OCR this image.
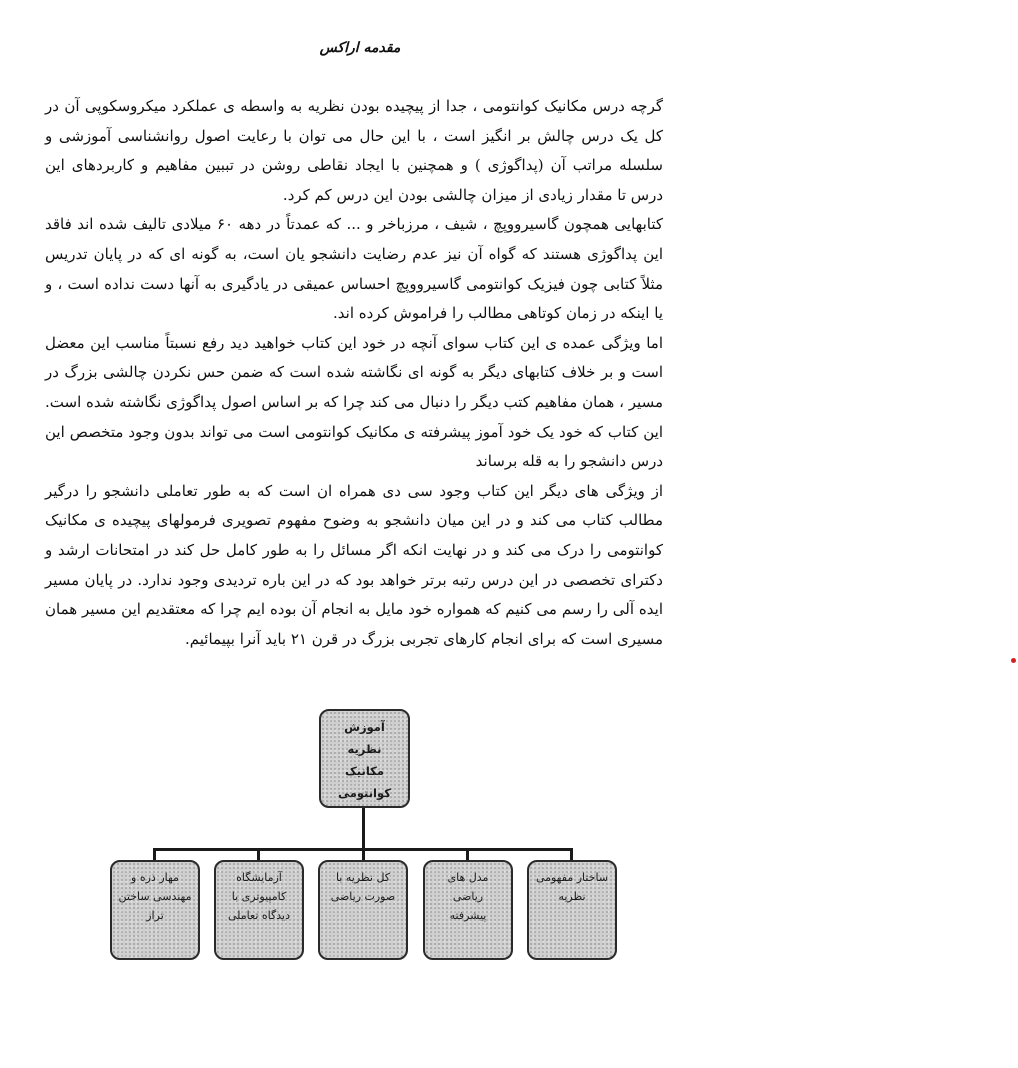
مقدمه اراکس

گرچه درس مکانیک کوانتومی ، جدا از پیچیده بودن نظریه به واسطه ی عملکرد میکروسکوپی آن در کل یک درس چالش بر انگیز است ، با این حال می توان با رعایت اصول روانشناسی آموزشی و سلسله مراتب آن (پداگوژی ) و همچنین با ایجاد نقاطی روشن در تببین مفاهیم و کاربردهای این درس تا مقدار زیادی از میزان چالشی بودن این درس کم کرد.

کتابهایی همچون گاسیرووپچ ، شیف ، مرزباخر و ... که عمدتاً در دهه ۶۰ میلادی تالیف شده اند فاقد این پداگوژی هستند که گواه آن نیز عدم رضایت دانشجو یان است، به گونه ای که در پایان تدریس مثلاً کتابی چون فیزیک کوانتومی گاسیرووپچ احساس عمیقی در یادگیری به آنها دست نداده است ، و یا اینکه در زمان کوتاهی مطالب را فراموش کرده اند.

اما ویژگی عمده ی این کتاب سوای آنچه در خود این کتاب خواهید دید رفع نسبتاً مناسب این معضل است و بر خلاف کتابهای دیگر به گونه ای نگاشته شده است که ضمن حس نکردن چالشی بزرگ در مسیر ، همان مفاهیم کتب دیگر را دنبال می کند چرا که بر اساس اصول پداگوژی نگاشته شده است. این کتاب که خود یک خود آموز پیشرفته ی مکانیک کوانتومی است می تواند بدون وجود متخصص این درس دانشجو را به قله برساند

از ویژگی های دیگر این کتاب وجود سی دی همراه ان است که به طور تعاملی دانشجو را درگیر مطالب کتاب می کند و در این میان دانشجو به وضوح مفهوم تصویری فرمولهای پیچیده ی مکانیک کوانتومی را درک می کند و در نهایت انکه اگر مسائل را به طور کامل حل کند در امتحانات ارشد و دکترای تخصصی در این درس رتبه برتر خواهد بود که در این باره تردیدی وجود ندارد. در پایان مسیر ایده آلی را رسم می کنیم که همواره خود مایل به انجام آن بوده ایم چرا که معتقدیم این مسیر همان مسیری است که برای انجام کارهای تجربی بزرگ در قرن ۲۱ باید آنرا بپیمائیم.

آموزش نظریه
مکانیک
کوانتومی
ساختار مفهومی
نظریه
مدل های ریاضی
پیشرفته
کل نظریه با
صورت ریاضی
آزمایشگاه
کامپیوتری با
دیدگاه تعاملی
مهار ذره و
مهندسی ساختن
تراز
